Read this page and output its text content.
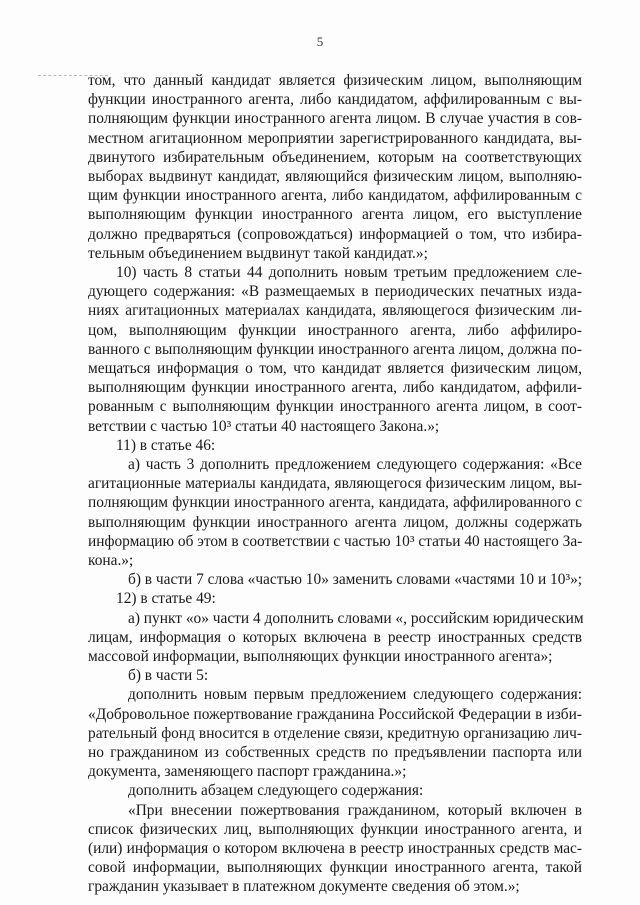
5
том, что данный кандидат является физическим лицом, выполняющим
функции иностранного агента, либо кандидатом, аффилированным с вы-
полняющим функции иностранного агента лицом. В случае участия в сов-
местном агитационном мероприятии зарегистрированного кандидата, вы-
двинутого избирательным объединением, которым на соответствующих
выборах выдвинут кандидат, являющийся физическим лицом, выполняю-
щим функции иностранного агента, либо кандидатом, аффилированным с
выполняющим функции иностранного агента лицом, его выступление
должно предваряться (сопровождаться) информацией о том, что избира-
тельным объединением выдвинут такой кандидат.»;
10) часть 8 статьи 44 дополнить новым третьим предложением сле-
дующего содержания: «В размещаемых в периодических печатных изда-
ниях агитационных материалах кандидата, являющегося физическим ли-
цом, выполняющим функции иностранного агента, либо аффилиро-
ванного с выполняющим функции иностранного агента лицом, должна по-
мещаться информация о том, что кандидат является физическим лицом,
выполняющим функции иностранного агента, либо кандидатом, аффили-
рованным с выполняющим функции иностранного агента лицом, в соот-
ветствии с частью 10³ статьи 40 настоящего Закона.»;
11) в статье 46:
а) часть 3 дополнить предложением следующего содержания: «Все
агитационные материалы кандидата, являющегося физическим лицом, вы-
полняющим функции иностранного агента, кандидата, аффилированного с
выполняющим функции иностранного агента лицом, должны содержать
информацию об этом в соответствии с частью 10³ статьи 40 настоящего За-
кона.»;
б) в части 7 слова «частью 10» заменить словами «частями 10 и 10³»;
12) в статье 49:
а) пункт «о» части 4 дополнить словами «, российским юридическим
лицам, информация о которых включена в реестр иностранных средств
массовой информации, выполняющих функции иностранного агента»;
б) в части 5:
дополнить новым первым предложением следующего содержания:
«Добровольное пожертвование гражданина Российской Федерации в изби-
рательный фонд вносится в отделение связи, кредитную организацию лич-
но гражданином из собственных средств по предъявлении паспорта или
документа, заменяющего паспорт гражданина.»;
дополнить абзацем следующего содержания:
«При внесении пожертвования гражданином, который включен в
список физических лиц, выполняющих функции иностранного агента, и
(или) информация о котором включена в реестр иностранных средств мас-
совой информации, выполняющих функции иностранного агента, такой
гражданин указывает в платежном документе сведения об этом.»;
